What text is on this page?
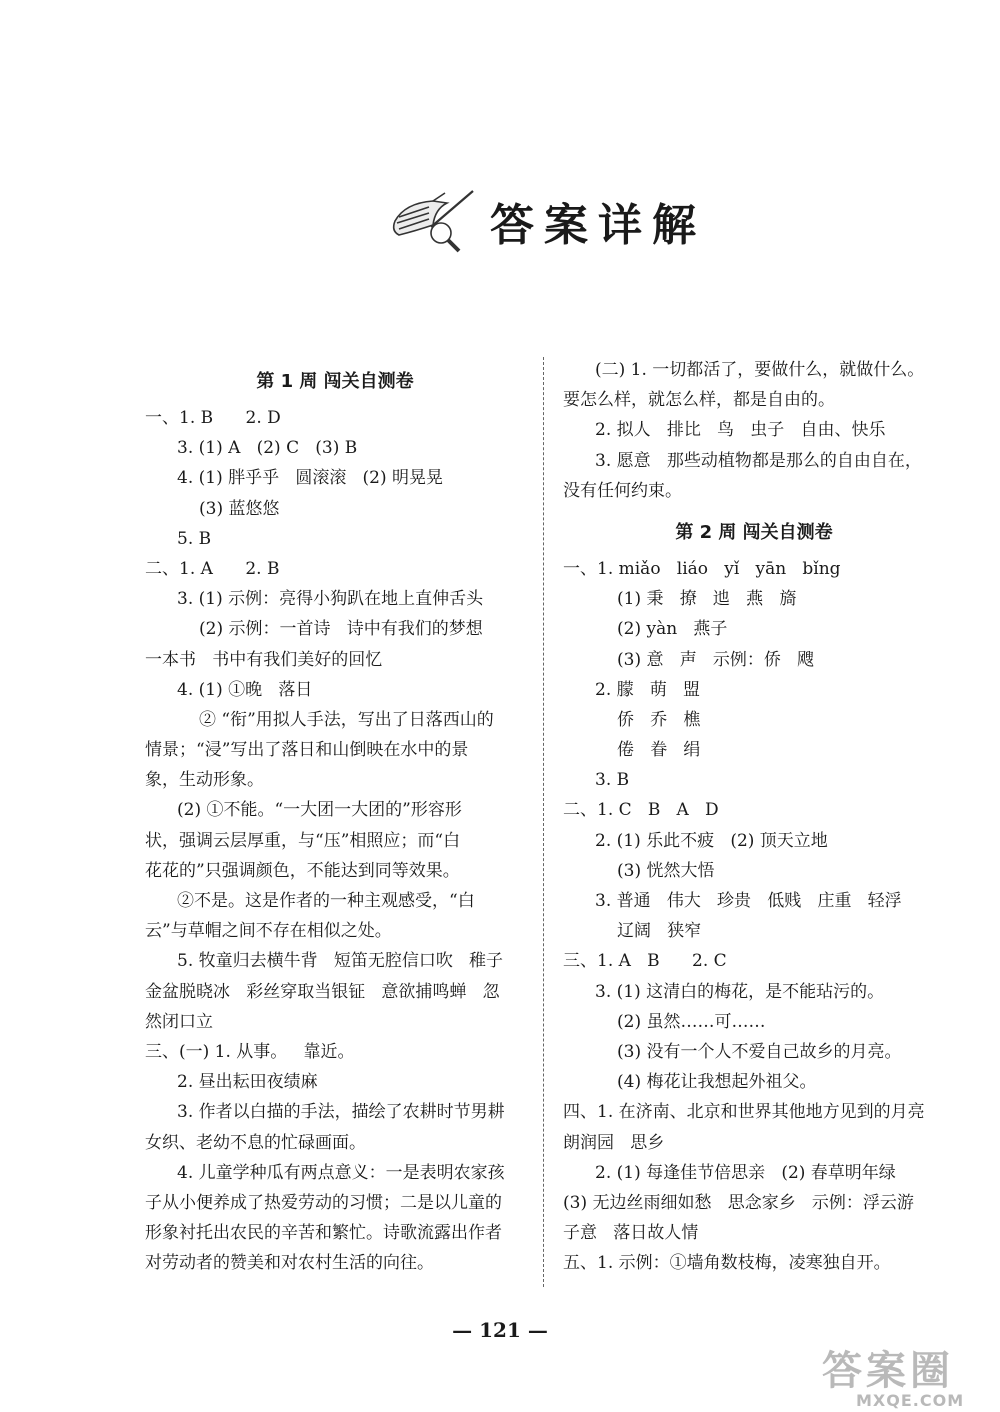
答案详解
第 1 周 闯关自测卷
一、1. B      2. D
3. (1) A   (2) C   (3) B
4. (1) 胖乎乎   圆滚滚   (2) 明晃晃
(3) 蓝悠悠
5. B
二、1. A      2. B
3. (1) 示例：亮得小狗趴在地上直伸舌头
(2) 示例：一首诗   诗中有我们的梦想
一本书   书中有我们美好的回忆
4. (1) ①晚   落日
② “衔”用拟人手法，写出了日落西山的
情景；“浸”写出了落日和山倒映在水中的景
象，生动形象。
(2) ①不能。“一大团一大团的”形容形
状，强调云层厚重，与“压”相照应；而“白
花花的”只强调颜色，不能达到同等效果。
②不是。这是作者的一种主观感受，“白
云”与草帽之间不存在相似之处。
5. 牧童归去横牛背   短笛无腔信口吹   稚子
金盆脱晓冰   彩丝穿取当银钲   意欲捕鸣蝉   忽
然闭口立
三、(一) 1. 从事。   靠近。
2. 昼出耘田夜绩麻
3. 作者以白描的手法，描绘了农耕时节男耕
女织、老幼不息的忙碌画面。
4. 儿童学种瓜有两点意义：一是表明农家孩
子从小便养成了热爱劳动的习惯；二是以儿童的
形象衬托出农民的辛苦和繁忙。诗歌流露出作者
对劳动者的赞美和对农村生活的向往。
(二) 1. 一切都活了，要做什么，就做什么。
要怎么样，就怎么样，都是自由的。
2. 拟人   排比   鸟   虫子   自由、快乐
3. 愿意   那些动植物都是那么的自由自在，
没有任何约束。
第 2 周 闯关自测卷
一、1. miǎo   liáo   yǐ   yān   bǐng
(1) 秉   撩   迆   燕   旖
(2) yàn   燕子
(3) 意   声   示例：侨   飕
2. 朦   萌   盟
侨   乔   樵
倦   眷   绢
3. B
二、1. C   B   A   D
2. (1) 乐此不疲   (2) 顶天立地
(3) 恍然大悟
3. 普通   伟大   珍贵   低贱   庄重   轻浮
辽阔   狭窄
三、1. A   B      2. C
3. (1) 这清白的梅花，是不能玷污的。
(2) 虽然……可……
(3) 没有一个人不爱自己故乡的月亮。
(4) 梅花让我想起外祖父。
四、1. 在济南、北京和世界其他地方见到的月亮
朗润园   思乡
2. (1) 每逢佳节倍思亲   (2) 春草明年绿
(3) 无边丝雨细如愁   思念家乡   示例：浮云游
子意   落日故人情
五、1. 示例：①墙角数枝梅，凌寒独自开。
— 121 —
答案圈
MXQE.COM
